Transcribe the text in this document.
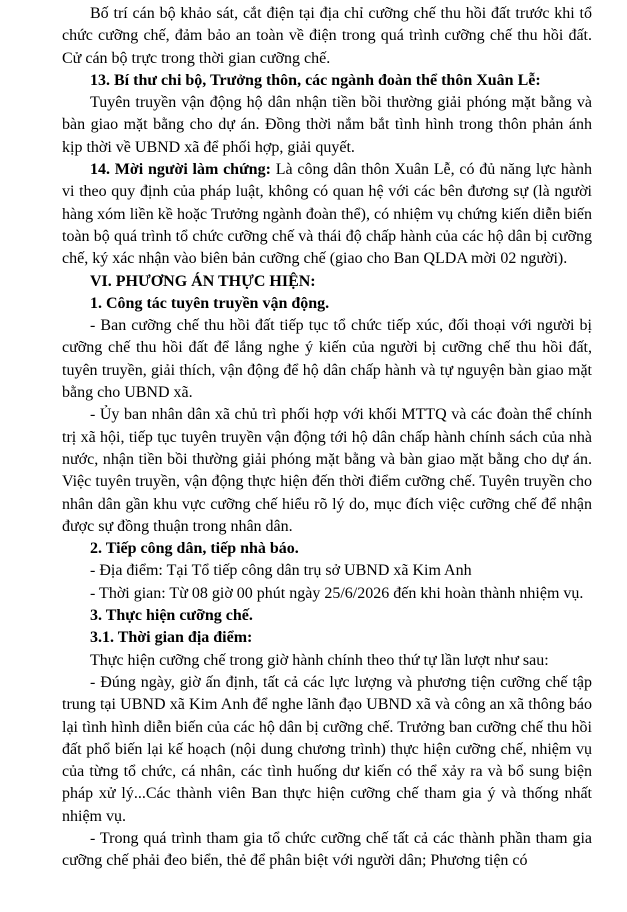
Bố trí cán bộ khảo sát, cắt điện tại địa chỉ cưỡng chế thu hồi đất trước khi tổ chức cưỡng chế, đảm bảo an toàn về điện trong quá trình cưỡng chế thu hồi đất. Cử cán bộ trực trong thời gian cưỡng chế.

13. Bí thư chi bộ, Trưởng thôn, các ngành đoàn thể thôn Xuân Lễ:

Tuyên truyền vận động hộ dân nhận tiền bồi thường giải phóng mặt bằng và bàn giao mặt bằng cho dự án. Đồng thời nắm bắt tình hình trong thôn phản ánh kịp thời về UBND xã để phối hợp, giải quyết.

14. Mời người làm chứng: Là công dân thôn Xuân Lễ, có đủ năng lực hành vi theo quy định của pháp luật, không có quan hệ với các bên đương sự (là người hàng xóm liền kề hoặc Trưởng ngành đoàn thể), có nhiệm vụ chứng kiến diễn biến toàn bộ quá trình tổ chức cưỡng chế và thái độ chấp hành của các hộ dân bị cưỡng chế, ký xác nhận vào biên bản cưỡng chế (giao cho Ban QLDA mời 02 người).

VI. PHƯƠNG ÁN THỰC HIỆN:

1. Công tác tuyên truyền vận động.

- Ban cưỡng chế thu hồi đất tiếp tục tổ chức tiếp xúc, đối thoại với người bị cưỡng chế thu hồi đất để lắng nghe ý kiến của người bị cưỡng chế thu hồi đất, tuyên truyền, giải thích, vận động để hộ dân chấp hành và tự nguyện bàn giao mặt bằng cho UBND xã.

- Ủy ban nhân dân xã chủ trì phối hợp với khối MTTQ và các đoàn thể chính trị xã hội, tiếp tục tuyên truyền vận động tới hộ dân chấp hành chính sách của nhà nước, nhận tiền bồi thường giải phóng mặt bằng và bàn giao mặt bằng cho dự án. Việc tuyên truyền, vận động thực hiện đến thời điểm cưỡng chế. Tuyên truyền cho nhân dân gần khu vực cưỡng chế hiểu rõ lý do, mục đích việc cưỡng chế để nhận được sự đồng thuận trong nhân dân.

2. Tiếp công dân, tiếp nhà báo.

- Địa điểm: Tại Tổ tiếp công dân trụ sở UBND xã Kim Anh

- Thời gian: Từ 08 giờ 00 phút ngày 25/6/2026 đến khi hoàn thành nhiệm vụ.

3. Thực hiện cưỡng chế.

3.1. Thời gian địa điểm:

Thực hiện cưỡng chế trong giờ hành chính theo thứ tự lần lượt như sau:

- Đúng ngày, giờ ấn định, tất cả các lực lượng và phương tiện cưỡng chế tập trung tại UBND xã Kim Anh để nghe lãnh đạo UBND xã và công an xã thông báo lại tình hình diễn biến của các hộ dân bị cưỡng chế. Trưởng ban cưỡng chế thu hồi đất phổ biến lại kế hoạch (nội dung chương trình) thực hiện cưỡng chế, nhiệm vụ của từng tổ chức, cá nhân, các tình huống dư kiến có thể xảy ra và bổ sung biện pháp xử lý...Các thành viên Ban thực hiện cưỡng chế tham gia ý và thống nhất nhiệm vụ.

- Trong quá trình tham gia tổ chức cưỡng chế tất cả các thành phần tham gia cưỡng chế phải đeo biển, thẻ để phân biệt với người dân; Phương tiện có
